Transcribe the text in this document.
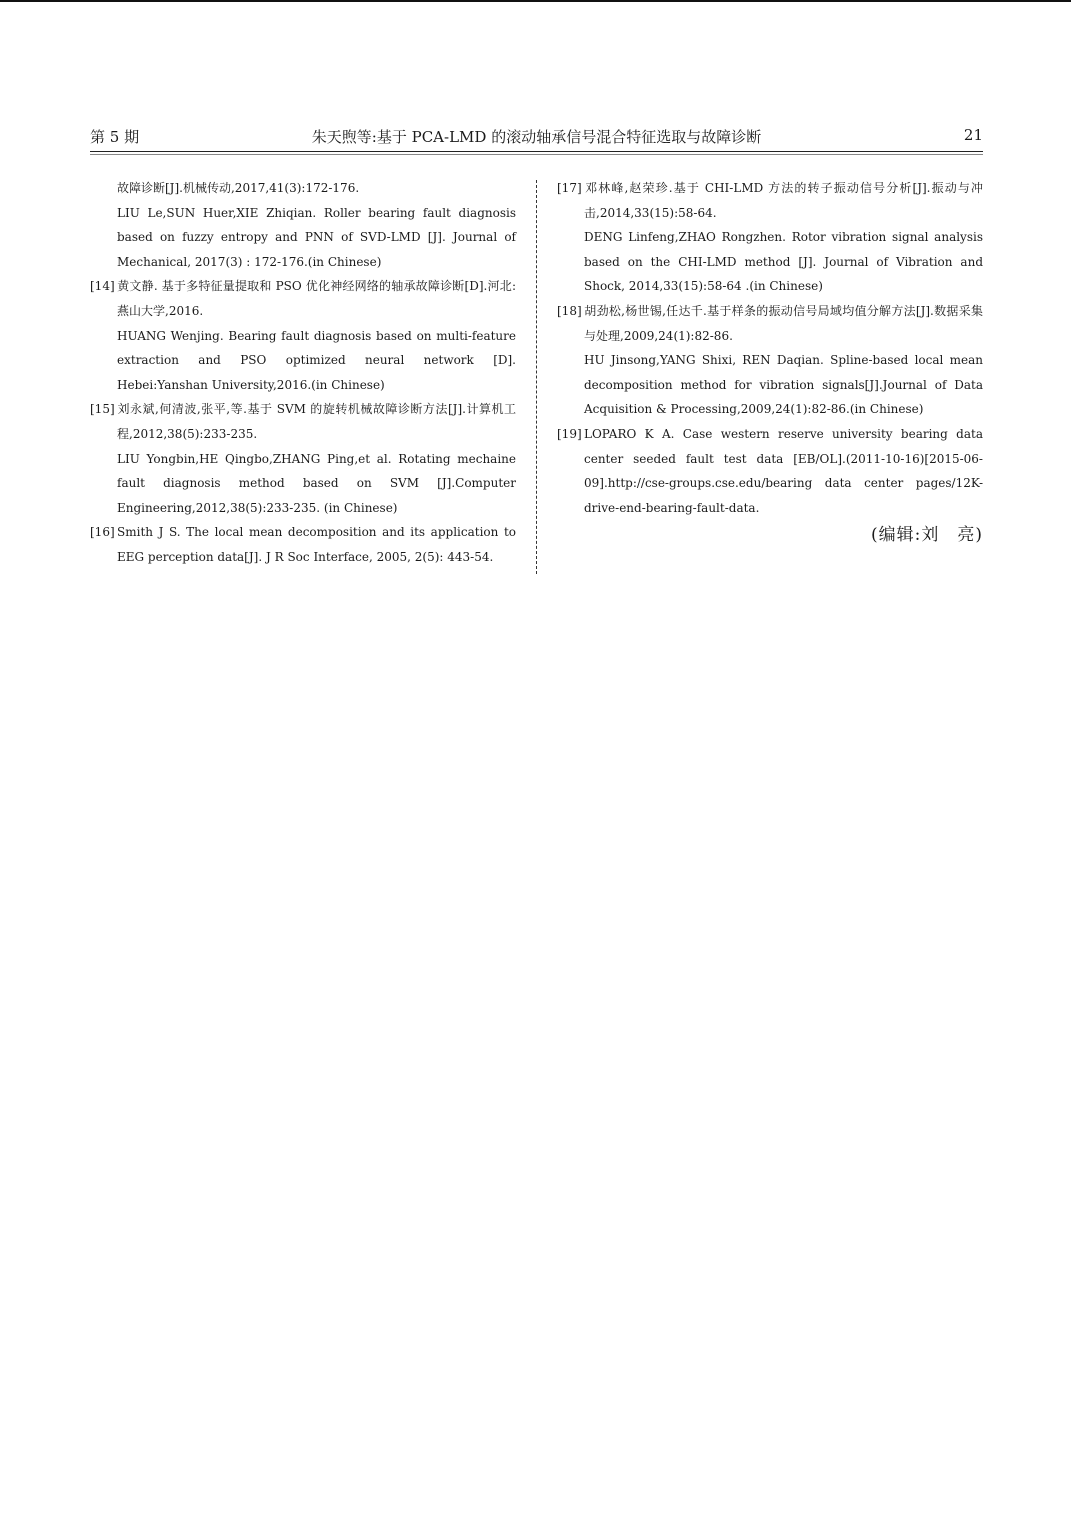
第 5 期	朱天煦等:基于 PCA-LMD 的滚动轴承信号混合特征选取与故障诊断	21
故障诊断[J].机械传动,2017,41(3):172-176.
LIU Le,SUN Huer,XIE Zhiqian. Roller bearing fault diagnosis based on fuzzy entropy and PNN of SVD-LMD [J]. Journal of Mechanical, 2017(3) : 172-176.(in Chinese)
[14] 黄文静. 基于多特征量提取和 PSO 优化神经网络的轴承故障诊断[D].河北:燕山大学,2016.
HUANG Wenjing. Bearing fault diagnosis based on multi-feature extraction and PSO optimized neural network [D]. Hebei:Yanshan University,2016.(in Chinese)
[15] 刘永斌,何清波,张平,等.基于 SVM 的旋转机械故障诊断方法[J].计算机工程,2012,38(5):233-235.
LIU Yongbin,HE Qingbo,ZHANG Ping,et al. Rotating mechaine fault diagnosis method based on SVM [J].Computer Engineering,2012,38(5):233-235. (in Chinese)
[16] Smith J S. The local mean decomposition and its application to EEG perception data[J]. J R Soc Interface, 2005, 2(5): 443-54.
[17] 邓林峰,赵荣珍.基于 CHI-LMD 方法的转子振动信号分析[J].振动与冲击,2014,33(15):58-64.
DENG Linfeng,ZHAO Rongzhen. Rotor vibration signal analysis based on the CHI-LMD method [J]. Journal of Vibration and Shock, 2014,33(15):58-64 .(in Chinese)
[18] 胡劲松,杨世锡,任达千.基于样条的振动信号局域均值分解方法[J].数据采集与处理,2009,24(1):82-86.
HU Jinsong,YANG Shixi, REN Daqian. Spline-based local mean decomposition method for vibration signals[J].Journal of Data Acquisition & Processing,2009,24(1):82-86.(in Chinese)
[19] LOPARO K A. Case western reserve university bearing data center seeded fault test data [EB/OL].(2011-10-16)[2015-06-09].http://cse-groups.cse.edu/bearing data center pages/12K-drive-end-bearing-fault-data.
(编辑:刘　亮)
